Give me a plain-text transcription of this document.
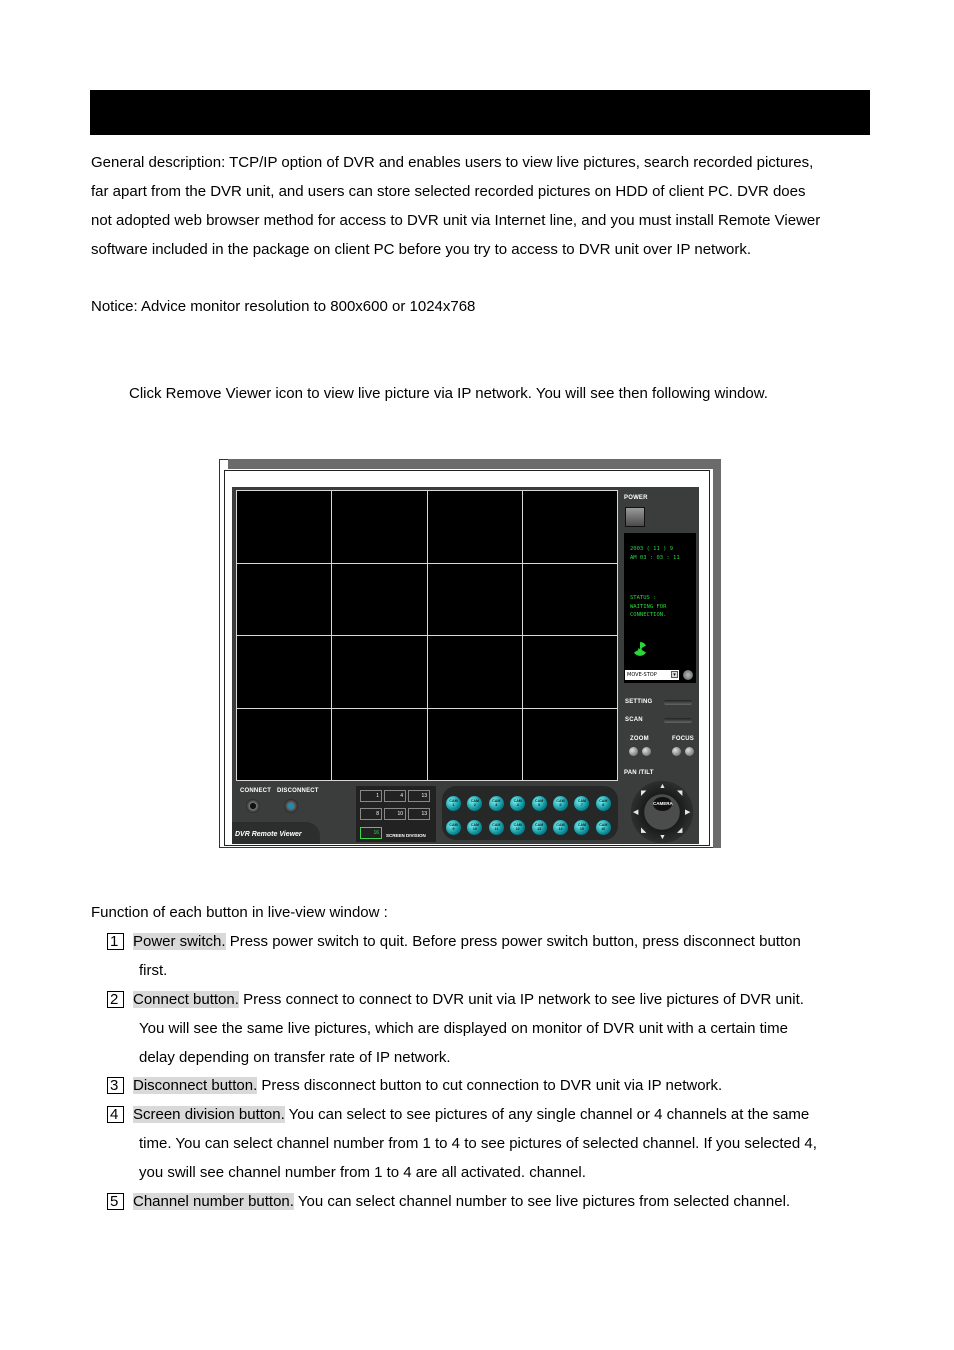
General description: TCP/IP option of DVR and enables users to view live pictures, search recorded pictures,
far apart from the DVR unit, and users can store selected recorded pictures on HDD of client PC. DVR does
not adopted web browser method for access to DVR unit via Internet line, and you must install Remote Viewer
software included in the package on client PC before you try to access to DVR unit over IP network.
Notice: Advice monitor resolution to 800x600 or 1024x768
Click Remove Viewer icon to view live picture via IP network. You will see then following window.
POWER
2003 ( 11 ) 9
AM 03 : 03 : 11
STATUS :
WAITING FOR
CONNECTION.
MOVE-STOP	▾
SETTING
SCAN
ZOOM	FOCUS
PAN /TILT
CAMERA
▲
▼
◀	▶
◤	◥
◣	◢
CONNECT DISCONNECT
DVR Remote Viewer
1	4	13
8	10	13
16	SCREEN DIVISION
CAM
1
CAM
2
CAM
3
CAM
4
CAM
5
CAM
6
CAM
7
CAM
8
CAM
9
CAM
10
CAM
11
CAM
12
CAM
13
CAM
14
CAM
15
CAM
16
Function of each button in live-view window :
1 Power switch. Press power switch to quit. Before press power switch button, press disconnect button
first.
2 Connect button. Press connect to connect to DVR unit via IP network to see live pictures of DVR unit.
You will see the same live pictures, which are displayed on monitor of DVR unit with a certain time
delay depending on transfer rate of IP network.
3 Disconnect button. Press disconnect button to cut connection to DVR unit via IP network.
4 Screen division button. You can select to see pictures of any single channel or 4 channels at the same
time. You can select channel number from 1 to 4 to see pictures of selected channel. If you selected 4,
you swill see channel number from 1 to 4 are all activated. channel.
5 Channel number button. You can select channel number to see live pictures from selected channel.
